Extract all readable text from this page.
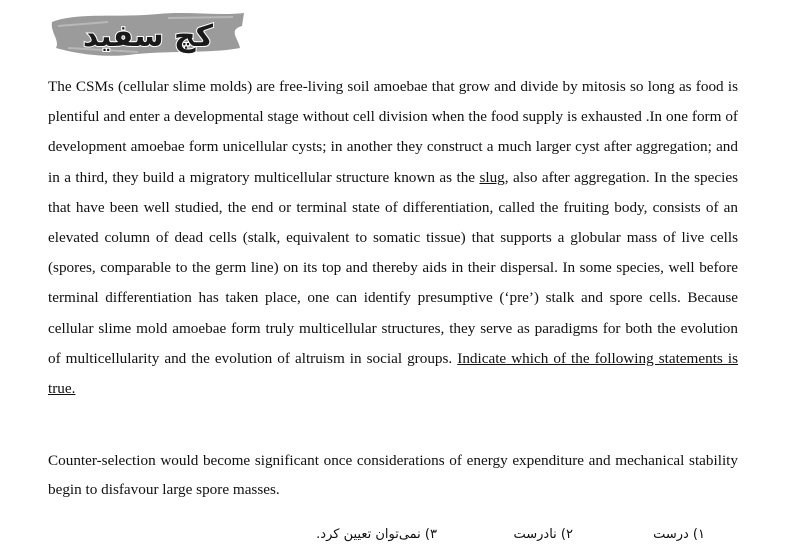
کچ سفید

The CSMs (cellular slime molds) are free-living soil amoebae that grow and divide by mitosis so long as food is plentiful and enter a developmental stage without cell division when the food supply is exhausted .In one form of development amoebae form unicellular cysts; in another they construct a much larger cyst after aggregation; and in a third, they build a migratory multicellular structure known as the slug, also after aggregation. In the species that have been well studied, the end or terminal state of differentiation, called the fruiting body, consists of an elevated column of dead cells (stalk, equivalent to somatic tissue) that supports a globular mass of live cells (spores, comparable to the germ line) on its top and thereby aids in their dispersal. In some species, well before terminal differentiation has taken place, one can identify presumptive (‘pre’) stalk and spore cells. Because cellular slime mold amoebae form truly multicellular structures, they serve as paradigms for both the evolution of multicellularity and the evolution of altruism in social groups. Indicate which of the following statements is true.

Counter-selection would become significant once considerations of energy expenditure and mechanical stability begin to disfavour large spore masses.

۱) درست
۲) نادرست
۳) نمی‌توان تعیین کرد.
